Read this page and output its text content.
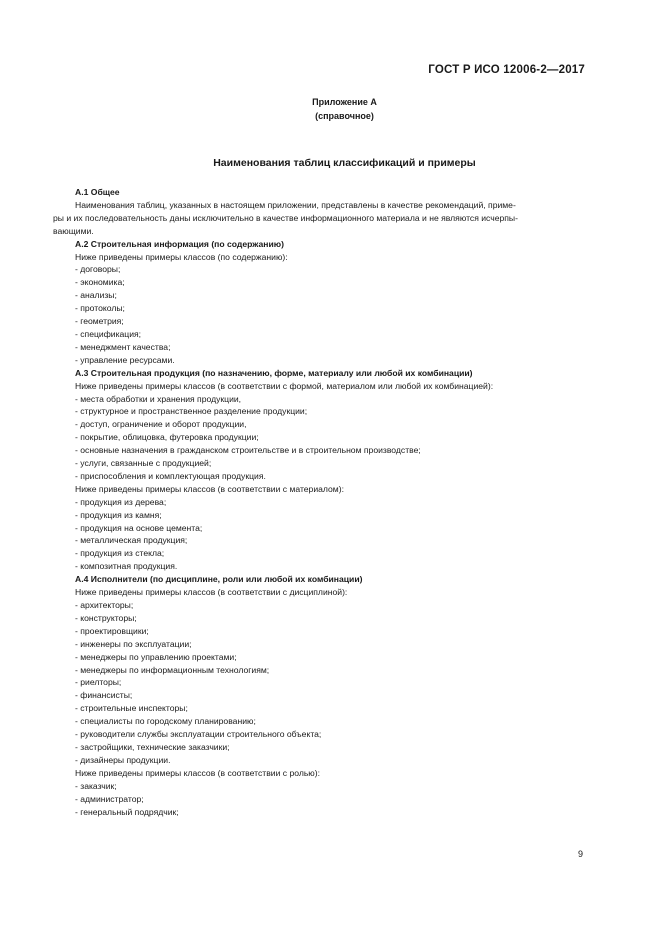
ГОСТ Р ИСО 12006-2—2017
Приложение А
(справочное)
Наименования таблиц классификаций и примеры
А.1 Общее
Наименования таблиц, указанных в настоящем приложении, представлены в качестве рекомендаций, приме-
ры и их последовательность даны исключительно в качестве информационного материала и не являются исчерпы-
вающими.
А.2 Строительная информация (по содержанию)
Ниже приведены примеры классов (по содержанию):
- договоры;
- экономика;
- анализы;
- протоколы;
- геометрия;
- спецификация;
- менеджмент качества;
- управление ресурсами.
А.3 Строительная продукция (по назначению, форме, материалу или любой их комбинации)
Ниже приведены примеры классов (в соответствии с формой, материалом или любой их комбинацией):
- места обработки и хранения продукции,
- структурное и пространственное разделение продукции;
- доступ, ограничение и оборот продукции,
- покрытие, облицовка, футеровка продукции;
- основные назначения в гражданском строительстве и в строительном производстве;
- услуги, связанные с продукцией;
- приспособления и комплектующая продукция.
Ниже приведены примеры классов (в соответствии с материалом):
- продукция из дерева;
- продукция из камня;
- продукция на основе цемента;
- металлическая продукция;
- продукция из стекла;
- композитная продукция.
А.4 Исполнители (по дисциплине, роли или любой их комбинации)
Ниже приведены примеры классов (в соответствии с дисциплиной):
- архитекторы;
- конструкторы;
- проектировщики;
- инженеры по эксплуатации;
- менеджеры по управлению проектами;
- менеджеры по информационным технологиям;
- риелторы;
- финансисты;
- строительные инспекторы;
- специалисты по городскому планированию;
- руководители службы эксплуатации строительного объекта;
- застройщики, технические заказчики;
- дизайнеры продукции.
Ниже приведены примеры классов (в соответствии с ролью):
- заказчик;
- администратор;
- генеральный подрядчик;
9
